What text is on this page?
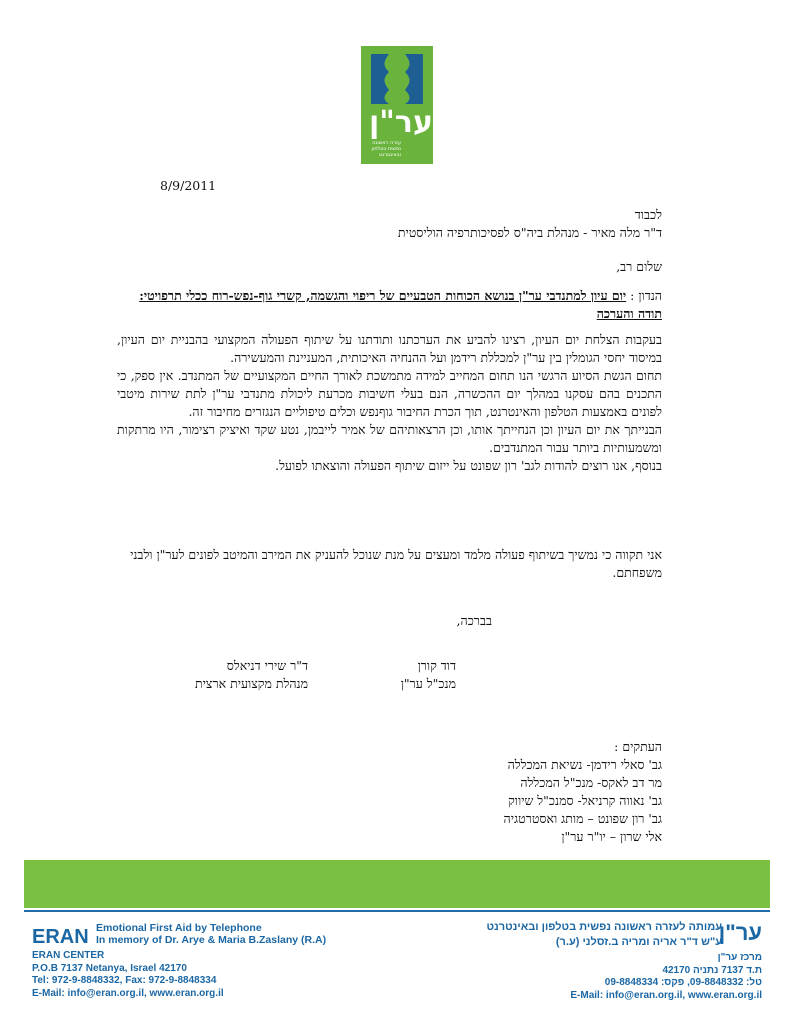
ער"ן
עזרה ראשונה נפשית בטלפון ובאינטרנט
8/9/2011
לכבוד
ד"ר מלה מאיר - מנהלת ביה"ס לפסיכותרפיה הוליסטית
שלום רב,
הנדון : יום עיון למתנדבי ער"ן בנושא הכוחות הטבעיים של ריפוי והגשמה, קשרי גוף-נפש-רוח ככלי תרפויטי: תודה והערכה

בעקבות הצלחת יום העיון, רצינו להביע את הערכתנו ותודתנו על שיתוף הפעולה המקצועי בהבניית יום העיון, במיסוד יחסי הגומלין בין ער"ן למכללת רידמן ועל ההנחיה האיכותית, המעניינת והמעשירה.

תחום הגשת הסיוע הרגשי הנו תחום המחייב למידה מתמשכת לאורך החיים המקצועיים של המתנדב. אין ספק, כי התכנים בהם עסקנו במהלך יום ההכשרה, הנם בעלי חשיבות מכרעת ליכולת מתנדבי ער"ן לתת שירות מיטבי לפונים באמצעות הטלפון והאינטרנט, תוך הכרת החיבור גוףנפש וכלים טיפוליים הנגזרים מחיבור זה.

הבנייתך את יום העיון וכן הנחייתך אותו, וכן הרצאותיהם של אמיר לייבמן, נטע שקד ואיציק רצימור, היו מרתקות ומשמעותיות ביותר עבור המתנדבים.

בנוסף, אנו רוצים להודות לגב' רון שפונט על ייזום שיתוף הפעולה והוצאתו לפועל.

אני תקווה כי נמשיך בשיתוף פעולה מלמד ומעצים על מנת שנוכל להעניק את המירב והמיטב לפונים לער"ן ולבני משפחתם.
בברכה,
דוד קורן
מנכ"ל ער"ן
ד"ר שירי דניאלס
מנהלת מקצועית ארצית
העתקים :
גב' סאלי רידמן- נשיאת המכללה
מר דב לאקס- מנכ"ל המכללה
גב' נאווה קרניאל- סמנכ"ל שיווק
גב' רון שפונט – מותג ואסטרטגיה
אלי שרון – יו"ר ער"ן
ERAN Emotional First Aid by Telephone
In memory of Dr. Arye & Maria B.Zaslany (R.A)
ERAN CENTER
P.O.B 7137 Netanya, Israel 42170
Tel: 972-9-8848332, Fax: 972-9-8848334
E-Mail: info@eran.org.il, www.eran.org.il
ער"ן
עמותה לעזרה ראשונה נפשית בטלפון ובאינטרנט
ע"ש ד"ר אריה ומריה ב.זסלני (ע.ר)
מרכז ער"ן
ת.ד 7137 נתניה 42170
טל: 09-8848332, פקס: 09-8848334
E-Mail: info@eran.org.il, www.eran.org.il
